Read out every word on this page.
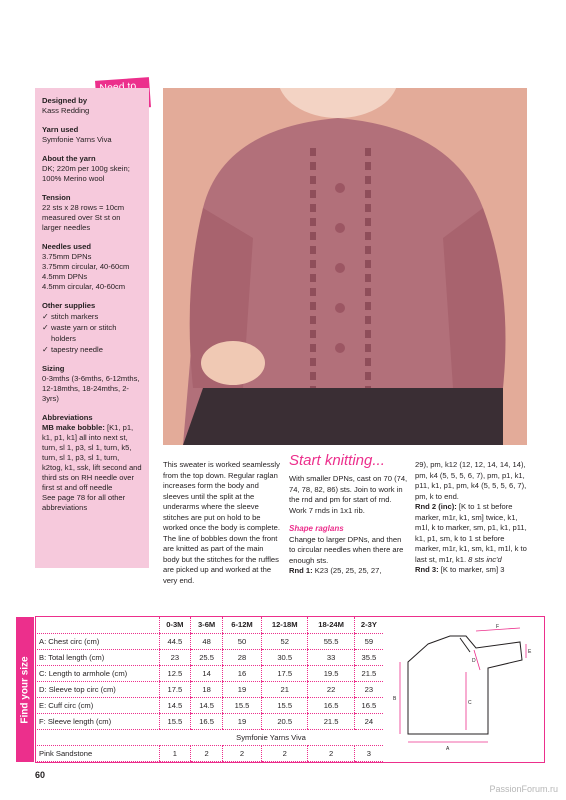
Designed by
Kass Redding
Yarn used
Symfonie Yarns Viva
About the yarn
DK; 220m per 100g skein; 100% Merino wool
Tension
22 sts x 28 rows = 10cm measured over St st on larger needles
Needles used
3.75mm DPNs
3.75mm circular, 40-60cm
4.5mm DPNs
4.5mm circular, 40-60cm
Other supplies
✓ stitch markers
✓ waste yarn or stitch holders
✓ tapestry needle
Sizing
0-3mths (3-6mths, 6-12mths, 12-18mths, 18-24mths, 2-3yrs)
Abbreviations
MB make bobble: [K1, p1, k1, p1, k1] all into next st, turn, sl 1, p3, sl 1, turn, k5, turn, sl 1, p3, sl 1, turn, k2tog, k1, ssk, lift second and third sts on RH needle over first st and off needle
See page 78 for all other abbreviations
This sweater is worked seamlessly from the top down. Regular raglan increases form the body and sleeves until the split at the underarms where the sleeve stitches are put on hold to be worked once the body is complete. The line of bobbles down the front are knitted as part of the main body but the stitches for the ruffles are picked up and worked at the very end.
Start knitting...
With smaller DPNs, cast on 70 (74, 74, 78, 82, 86) sts. Join to work in the rnd and pm for start of rnd.
Work 7 rnds in 1x1 rib.
Shape raglans
Change to larger DPNs, and then to circular needles when there are enough sts.
Rnd 1: K23 (25, 25, 25, 27,
29), pm, k12 (12, 12, 14, 14, 14), pm, k4 (5, 5, 5, 6, 7), pm, p1, k1, p11, k1, p1, pm, k4 (5, 5, 5, 6, 7), pm, k to end.
Rnd 2 (inc): [K to 1 st before marker, m1r, k1, sm] twice, k1, m1l, k to marker, sm, p1, k1, p11, k1, p1, sm, k to 1 st before marker, m1r, k1, sm, k1, m1l, k to last st, m1r, k1. 8 sts inc'd
Rnd 3: [K to marker, sm] 3
Find your size
	0-3M	3-6M	6-12M	12-18M	18-24M	2-3Y
A: Chest circ (cm)	44.5	48	50	52	55.5	59
B: Total length (cm)	23	25.5	28	30.5	33	35.5
C: Length to armhole (cm)	12.5	14	16	17.5	19.5	21.5
D: Sleeve top circ (cm)	17.5	18	19	21	22	23
E: Cuff circ (cm)	14.5	14.5	15.5	15.5	16.5	16.5
F: Sleeve length (cm)	15.5	16.5	19	20.5	21.5	24
	Symfonie Yarns Viva					
Pink Sandstone	1	2	2	2	2	3
F
E
D
B
C
A
60
PassionForum.ru
